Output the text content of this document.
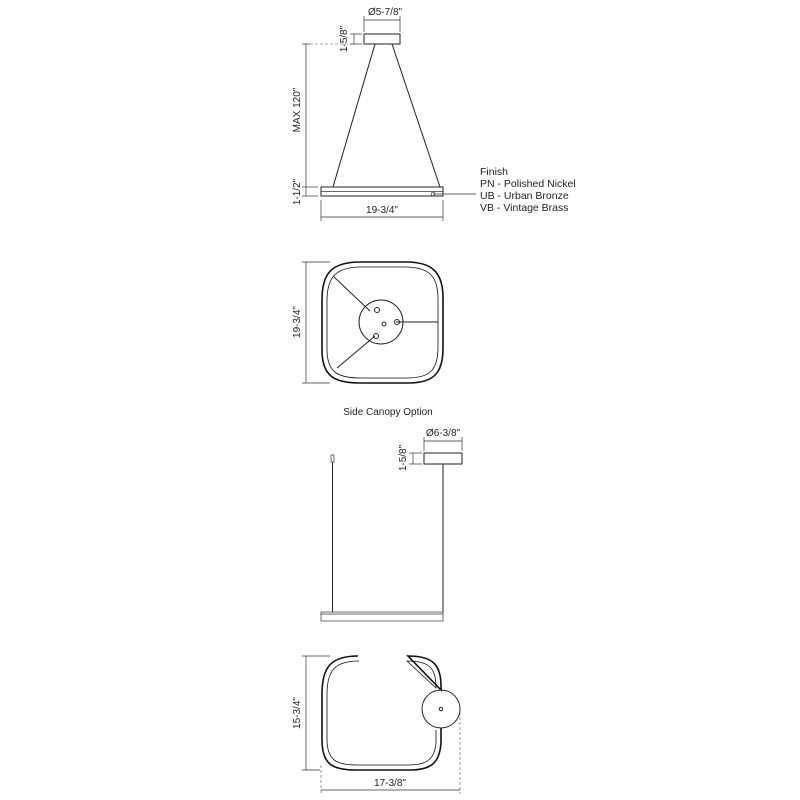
Ø5-7/8"
1-5/8"
MAX 120"
1-1/2"
19-3/4"
Finish
PN - Polished Nickel
UB - Urban Bronze
VB - Vintage Brass
19-3/4"
Side Canopy Option
Ø6-3/8"
1-5/8"
15-3/4"
17-3/8"
